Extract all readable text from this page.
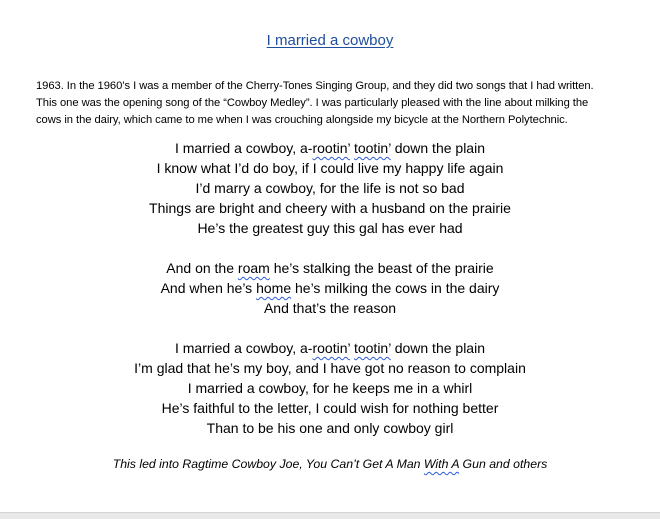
I married a cowboy
1963. In the 1960’s I was a member of the Cherry-Tones Singing Group, and they did two songs that I had written.
This one was the opening song of the “Cowboy Medley”. I was particularly pleased with the line about milking the
cows in the dairy, which came to me when I was crouching alongside my bicycle at the Northern Polytechnic.
I married a cowboy, a-rootin’ tootin’ down the plain
I know what I’d do boy, if I could live my happy life again
I’d marry a cowboy, for the life is not so bad
Things are bright and cheery with a husband on the prairie
He’s the greatest guy this gal has ever had
And on the roam he’s stalking the beast of the prairie
And when he’s home he’s milking the cows in the dairy
And that’s the reason
I married a cowboy, a-rootin’ tootin’ down the plain
I’m glad that he’s my boy, and I have got no reason to complain
I married a cowboy, for he keeps me in a whirl
He’s faithful to the letter, I could wish for nothing better
Than to be his one and only cowboy girl
This led into Ragtime Cowboy Joe, You Can’t Get A Man With A Gun and others
